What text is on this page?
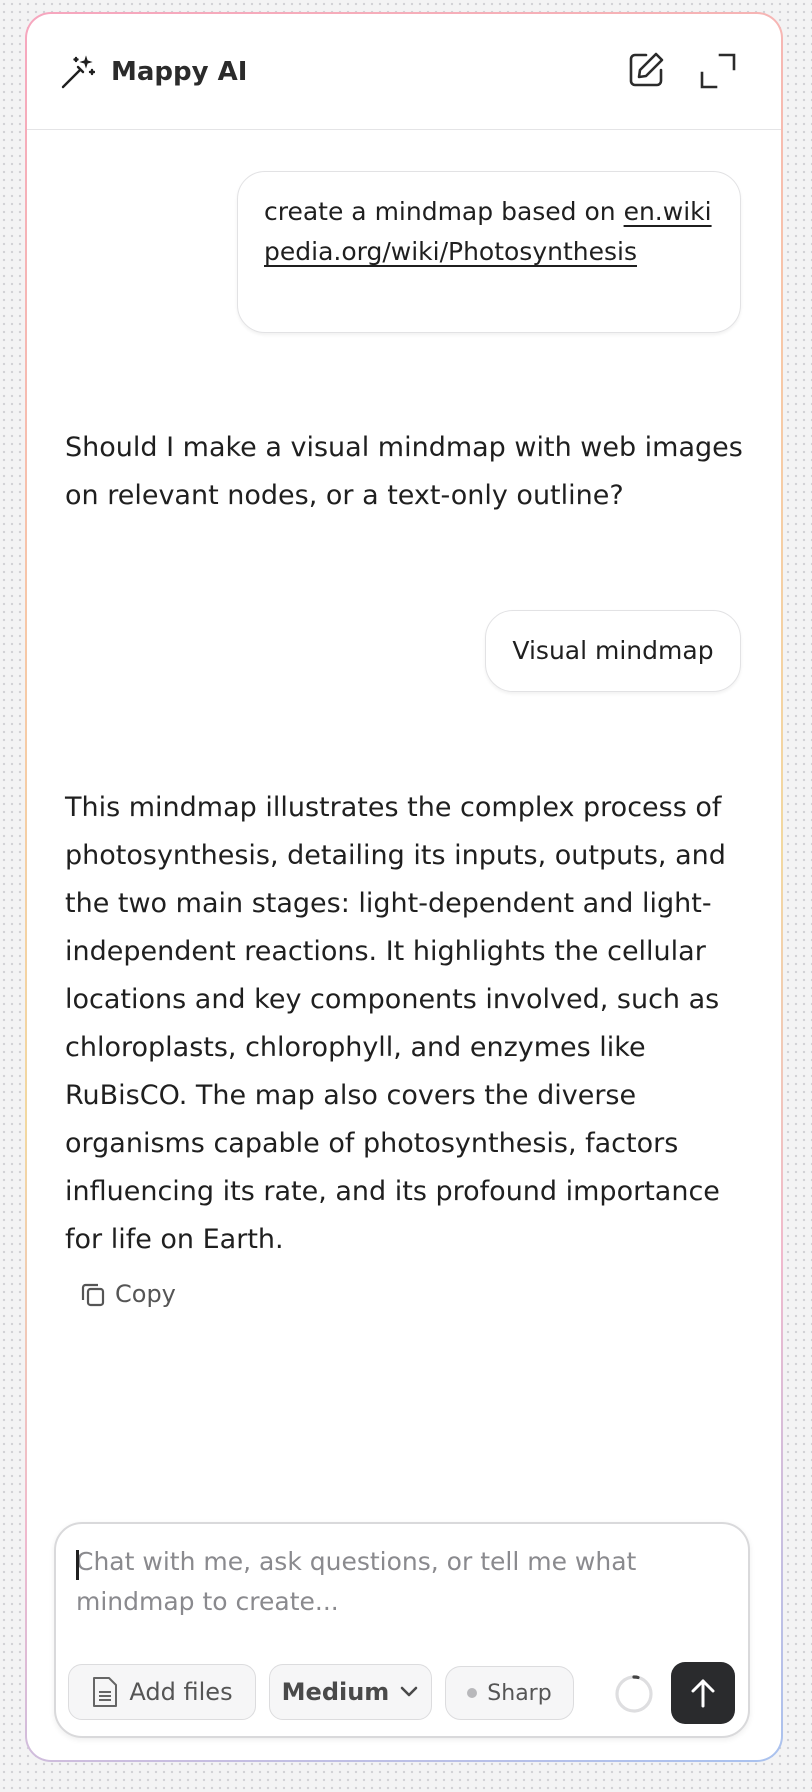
Mappy AI
create a mindmap based on en.wikipedia.org/wiki/Photosynthesis
Should I make a visual mindmap with web images on relevant nodes, or a text-only outline?
Visual mindmap
This mindmap illustrates the complex process of photosynthesis, detailing its inputs, outputs, and the two main stages: light-dependent and light-independent reactions. It highlights the cellular locations and key components involved, such as chloroplasts, chlorophyll, and enzymes like RuBisCO. The map also covers the diverse organisms capable of photosynthesis, factors influencing its rate, and its profound importance for life on Earth.
Copy
Chat with me, ask questions, or tell me what mindmap to create...
Add files Medium	Sharp
